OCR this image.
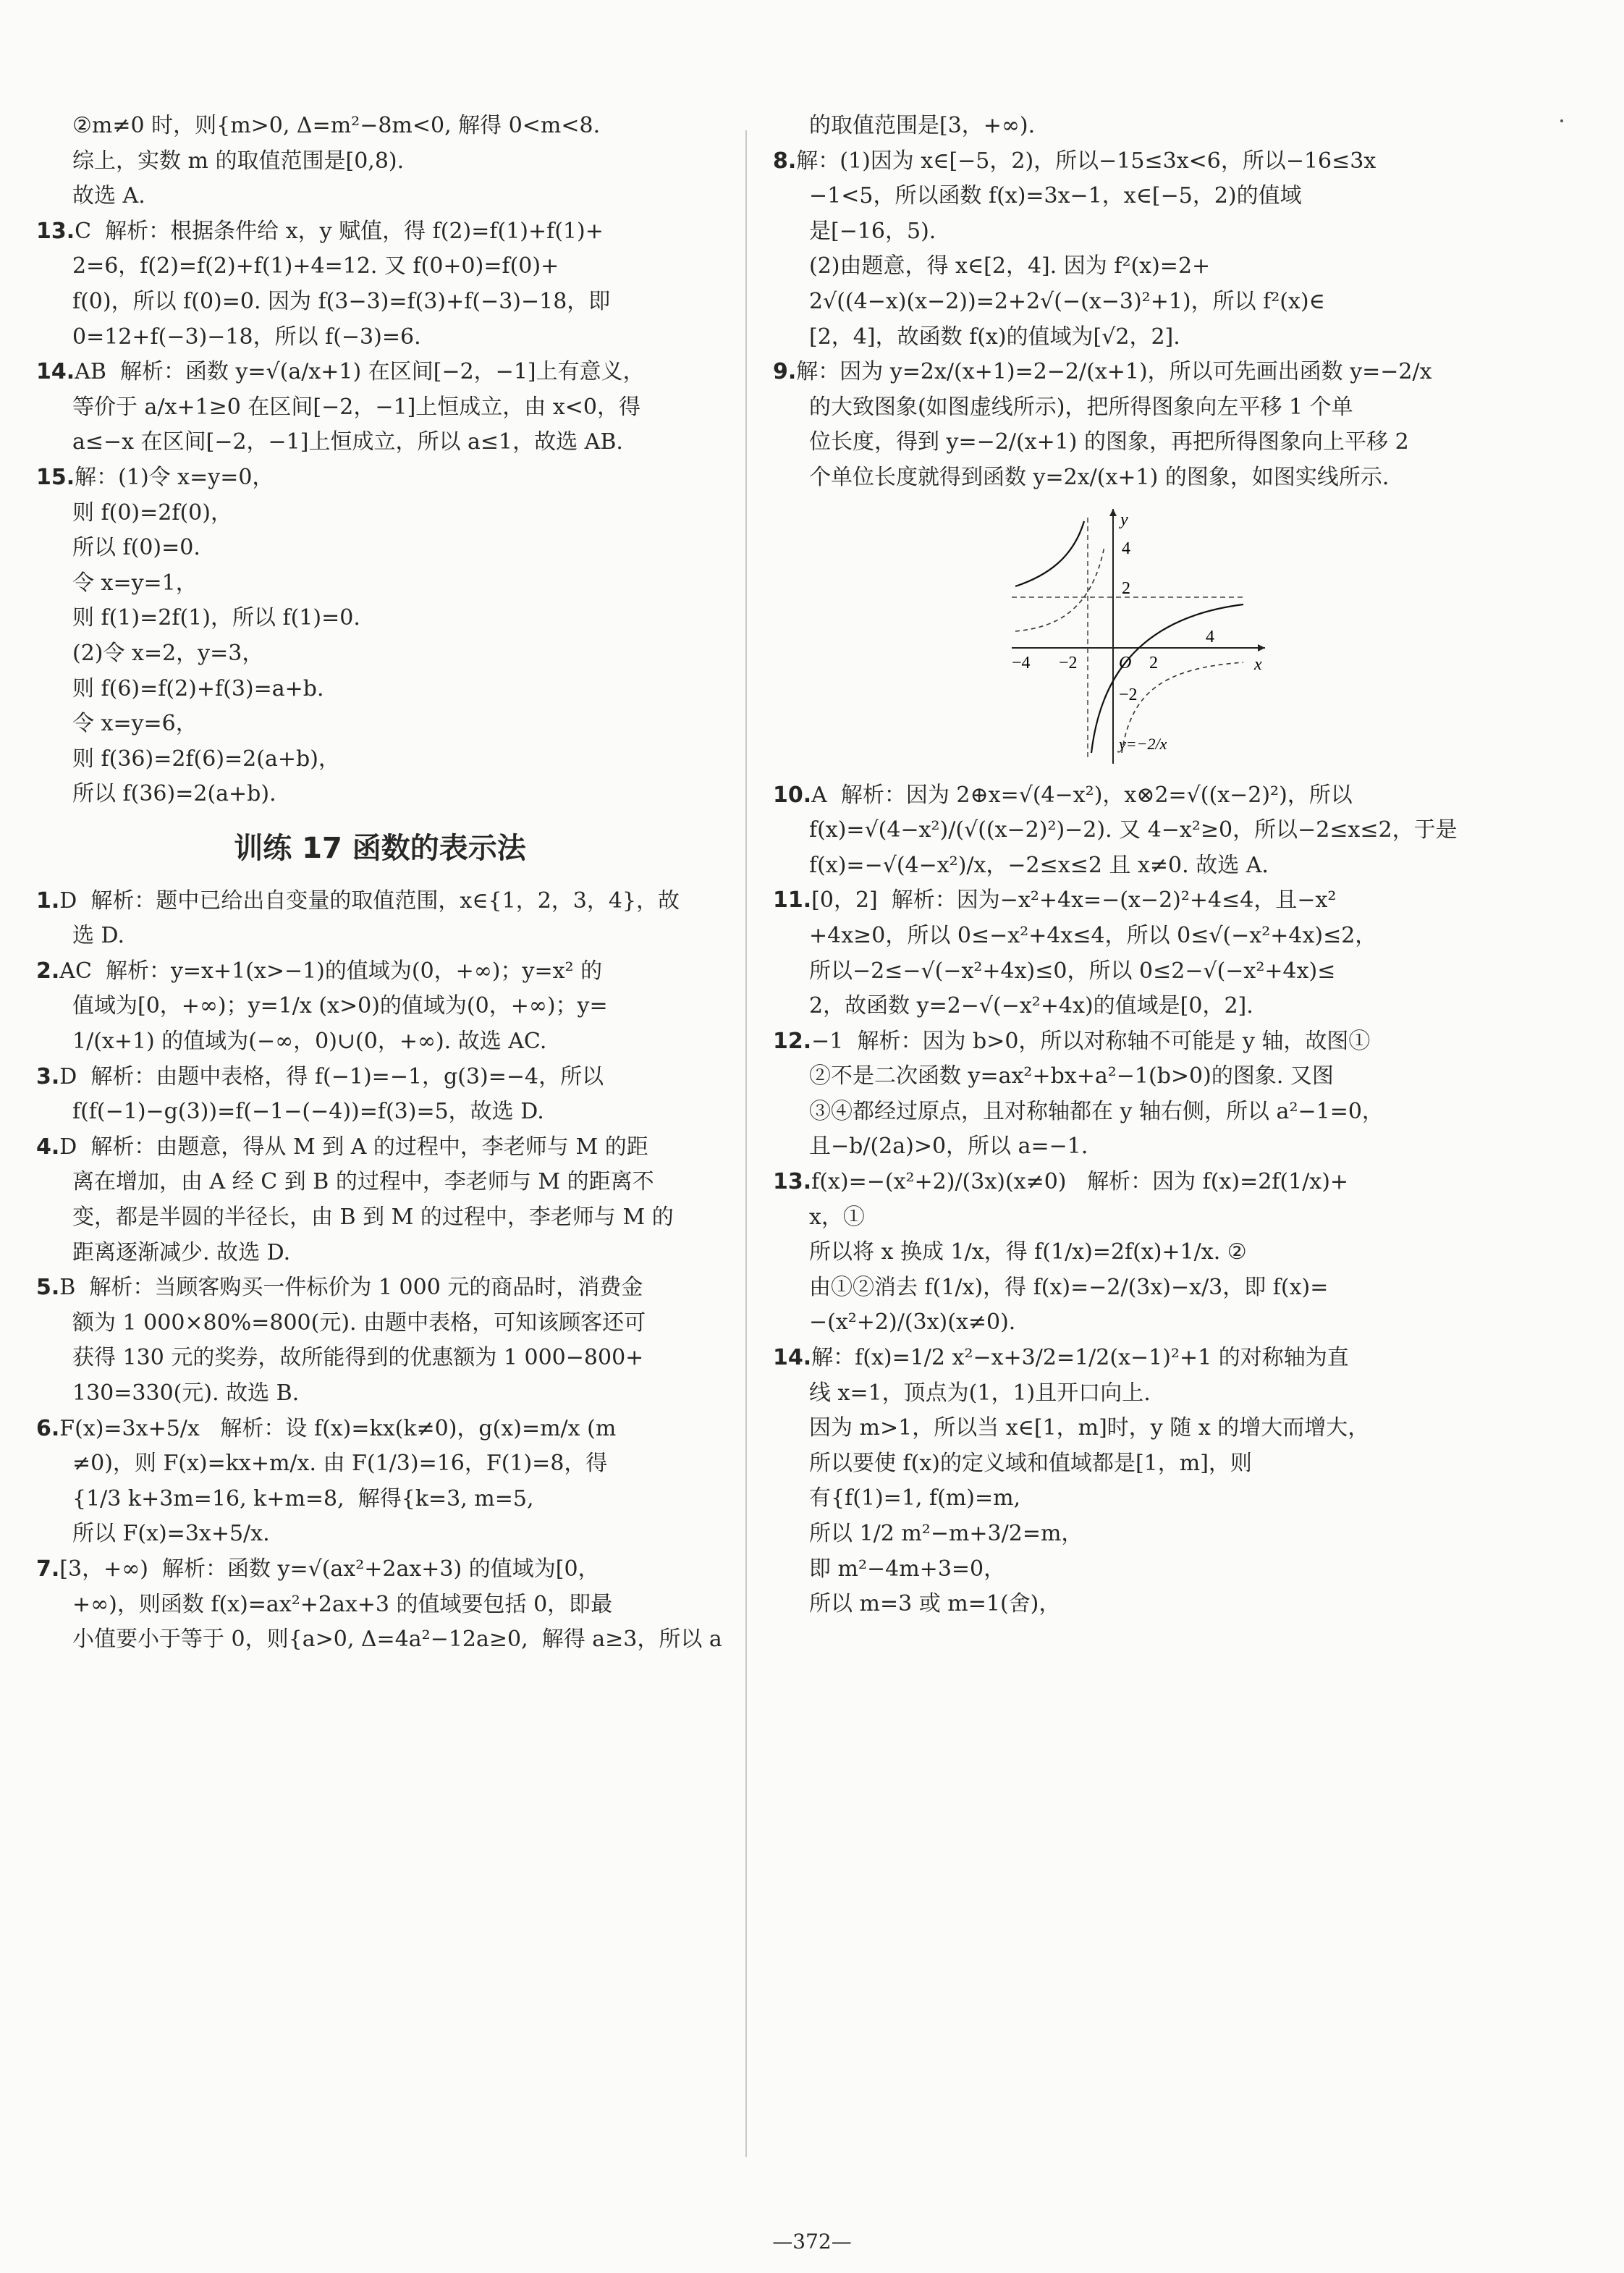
②m≠0 时，则{m>0, Δ=m²−8m<0, 解得 0<m<8.

综上，实数 m 的取值范围是[0,8).

故选 A.

13.C  解析：根据条件给 x，y 赋值，得 f(2)=f(1)+f(1)+

2=6，f(2)=f(2)+f(1)+4=12. 又 f(0+0)=f(0)+

f(0)，所以 f(0)=0. 因为 f(3−3)=f(3)+f(−3)−18，即

0=12+f(−3)−18，所以 f(−3)=6.

14.AB  解析：函数 y=√(a/x+1) 在区间[−2，−1]上有意义，

等价于 a/x+1≥0 在区间[−2，−1]上恒成立，由 x<0，得

a≤−x 在区间[−2，−1]上恒成立，所以 a≤1，故选 AB.

15.解：(1)令 x=y=0，

则 f(0)=2f(0)，

所以 f(0)=0.

令 x=y=1，

则 f(1)=2f(1)，所以 f(1)=0.

(2)令 x=2，y=3，

则 f(6)=f(2)+f(3)=a+b.

令 x=y=6，

则 f(36)=2f(6)=2(a+b)，

所以 f(36)=2(a+b).

训练 17 函数的表示法

1.D  解析：题中已给出自变量的取值范围，x∈{1，2，3，4}，故

选 D.

2.AC  解析：y=x+1(x>−1)的值域为(0，+∞)；y=x² 的

值域为[0，+∞)；y=1/x (x>0)的值域为(0，+∞)；y=

1/(x+1) 的值域为(−∞，0)∪(0，+∞). 故选 AC.

3.D  解析：由题中表格，得 f(−1)=−1，g(3)=−4，所以

f(f(−1)−g(3))=f(−1−(−4))=f(3)=5，故选 D.

4.D  解析：由题意，得从 M 到 A 的过程中，李老师与 M 的距

离在增加，由 A 经 C 到 B 的过程中，李老师与 M 的距离不

变，都是半圆的半径长，由 B 到 M 的过程中，李老师与 M 的

距离逐渐减少. 故选 D.

5.B  解析：当顾客购买一件标价为 1 000 元的商品时，消费金

额为 1 000×80%=800(元). 由题中表格，可知该顾客还可

获得 130 元的奖券，故所能得到的优惠额为 1 000−800+

130=330(元). 故选 B.

6.F(x)=3x+5/x   解析：设 f(x)=kx(k≠0)，g(x)=m/x (m

≠0)，则 F(x)=kx+m/x. 由 F(1/3)=16，F(1)=8，得

{1/3 k+3m=16, k+m=8,  解得{k=3, m=5,

所以 F(x)=3x+5/x.

7.[3，+∞)  解析：函数 y=√(ax²+2ax+3) 的值域为[0，

+∞)，则函数 f(x)=ax²+2ax+3 的值域要包括 0，即最

小值要小于等于 0，则{a>0, Δ=4a²−12a≥0,  解得 a≥3，所以 a

的取值范围是[3，+∞).

8.解：(1)因为 x∈[−5，2)，所以−15≤3x<6，所以−16≤3x

−1<5，所以函数 f(x)=3x−1，x∈[−5，2)的值域

是[−16，5).

(2)由题意，得 x∈[2，4]. 因为 f²(x)=2+

2√((4−x)(x−2))=2+2√(−(x−3)²+1)，所以 f²(x)∈

[2，4]，故函数 f(x)的值域为[√2，2].

9.解：因为 y=2x/(x+1)=2−2/(x+1)，所以可先画出函数 y=−2/x

的大致图象(如图虚线所示)，把所得图象向左平移 1 个单

位长度，得到 y=−2/(x+1) 的图象，再把所得图象向上平移 2

个单位长度就得到函数 y=2x/(x+1) 的图象，如图实线所示.

y
x
O
4
2
4
−4 −2	2
−2
y=−2/x

10.A  解析：因为 2⊕x=√(4−x²)，x⊗2=√((x−2)²)，所以

f(x)=√(4−x²)/(√((x−2)²)−2). 又 4−x²≥0，所以−2≤x≤2，于是

f(x)=−√(4−x²)/x，−2≤x≤2 且 x≠0. 故选 A.

11.[0，2]  解析：因为−x²+4x=−(x−2)²+4≤4，且−x²

+4x≥0，所以 0≤−x²+4x≤4，所以 0≤√(−x²+4x)≤2，

所以−2≤−√(−x²+4x)≤0，所以 0≤2−√(−x²+4x)≤

2，故函数 y=2−√(−x²+4x)的值域是[0，2].

12.−1  解析：因为 b>0，所以对称轴不可能是 y 轴，故图①

②不是二次函数 y=ax²+bx+a²−1(b>0)的图象. 又图

③④都经过原点，且对称轴都在 y 轴右侧，所以 a²−1=0，

且−b/(2a)>0，所以 a=−1.

13.f(x)=−(x²+2)/(3x)(x≠0)   解析：因为 f(x)=2f(1/x)+

x，①

所以将 x 换成 1/x，得 f(1/x)=2f(x)+1/x. ②

由①②消去 f(1/x)，得 f(x)=−2/(3x)−x/3，即 f(x)=

−(x²+2)/(3x)(x≠0).

14.解：f(x)=1/2 x²−x+3/2=1/2(x−1)²+1 的对称轴为直

线 x=1，顶点为(1，1)且开口向上.

因为 m>1，所以当 x∈[1，m]时，y 随 x 的增大而增大，

所以要使 f(x)的定义域和值域都是[1，m]，则

有{f(1)=1, f(m)=m,

所以 1/2 m²−m+3/2=m，

即 m²−4m+3=0，

所以 m=3 或 m=1(舍)，

—372—
